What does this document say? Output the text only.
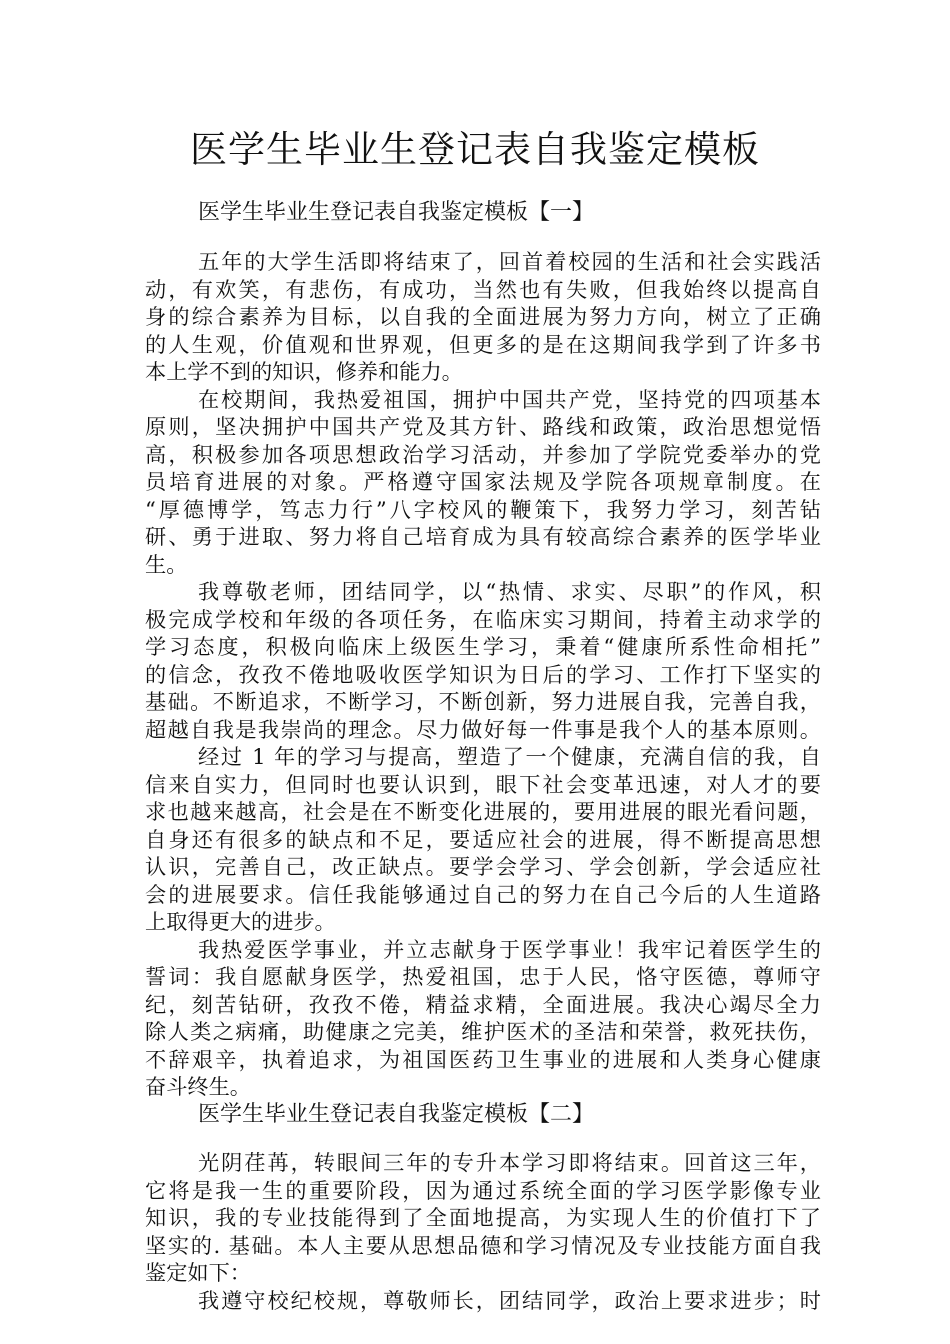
医学生毕业生登记表自我鉴定模板
医学生毕业生登记表自我鉴定模板【一】
五年的大学生活即将结束了，回首着校园的生活和社会实践活
动，有欢笑，有悲伤，有成功，当然也有失败，但我始终以提高自
身的综合素养为目标，以自我的全面进展为努力方向，树立了正确
的人生观，价值观和世界观，但更多的是在这期间我学到了许多书
本上学不到的知识，修养和能力。
在校期间，我热爱祖国，拥护中国共产党，坚持党的四项基本
原则，坚决拥护中国共产党及其方针、路线和政策，政治思想觉悟
高，积极参加各项思想政治学习活动，并参加了学院党委举办的党
员培育进展的对象。严格遵守国家法规及学院各项规章制度。在
“厚德博学，笃志力行”八字校风的鞭策下，我努力学习，刻苦钻
研、勇于进取、努力将自己培育成为具有较高综合素养的医学毕业
生。
我尊敬老师，团结同学，以“热情、求实、尽职”的作风，积
极完成学校和年级的各项任务，在临床实习期间，持着主动求学的
学习态度，积极向临床上级医生学习，秉着“健康所系性命相托”
的信念，孜孜不倦地吸收医学知识为日后的学习、工作打下坚实的
基础。不断追求，不断学习，不断创新，努力进展自我，完善自我，
超越自我是我崇尚的理念。尽力做好每一件事是我个人的基本原则。
经过 1 年的学习与提高，塑造了一个健康，充满自信的我，自
信来自实力，但同时也要认识到，眼下社会变革迅速，对人才的要
求也越来越高，社会是在不断变化进展的，要用进展的眼光看问题，
自身还有很多的缺点和不足，要适应社会的进展，得不断提高思想
认识，完善自己，改正缺点。要学会学习、学会创新，学会适应社
会的进展要求。信任我能够通过自己的努力在自己今后的人生道路
上取得更大的进步。
我热爱医学事业，并立志献身于医学事业！我牢记着医学生的
誓词：我自愿献身医学，热爱祖国，忠于人民，恪守医德，尊师守
纪，刻苦钻研，孜孜不倦，精益求精，全面进展。我决心竭尽全力
除人类之病痛，助健康之完美，维护医术的圣洁和荣誉，救死扶伤，
不辞艰辛，执着追求，为祖国医药卫生事业的进展和人类身心健康
奋斗终生。
医学生毕业生登记表自我鉴定模板【二】
光阴荏苒，转眼间三年的专升本学习即将结束。回首这三年，
它将是我一生的重要阶段，因为通过系统全面的学习医学影像专业
知识，我的专业技能得到了全面地提高，为实现人生的价值打下了
坚实的. 基础。本人主要从思想品德和学习情况及专业技能方面自我
鉴定如下：
我遵守校纪校规，尊敬师长，团结同学，政治上要求进步；时
